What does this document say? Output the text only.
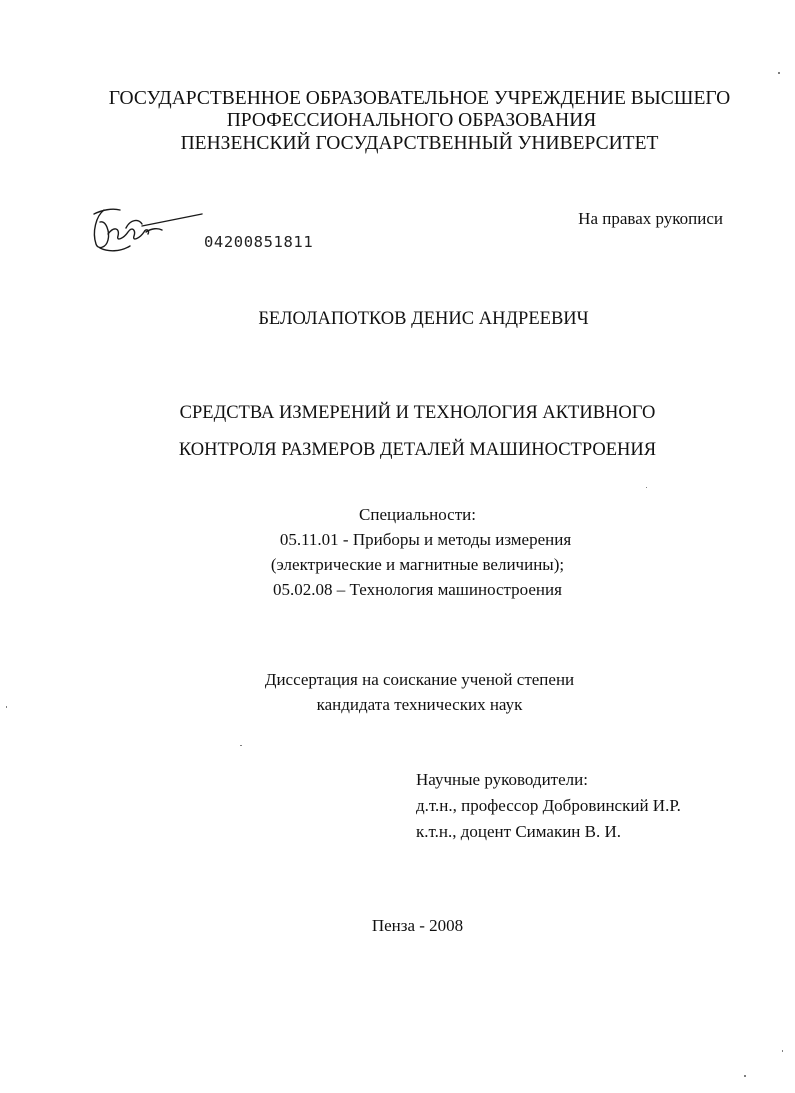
ГОСУДАРСТВЕННОЕ ОБРАЗОВАТЕЛЬНОЕ УЧРЕЖДЕНИЕ ВЫСШЕГО
ПРОФЕССИОНАЛЬНОГО ОБРАЗОВАНИЯ
ПЕНЗЕНСКИЙ ГОСУДАРСТВЕННЫЙ УНИВЕРСИТЕТ
04200851811
На правах рукописи
БЕЛОЛАПОТКОВ ДЕНИС АНДРЕЕВИЧ
СРЕДСТВА ИЗМЕРЕНИЙ И ТЕХНОЛОГИЯ АКТИВНОГО
КОНТРОЛЯ РАЗМЕРОВ ДЕТАЛЕЙ МАШИНОСТРОЕНИЯ
Специальности:
05.11.01 - Приборы и методы измерения
(электрические и магнитные величины);
05.02.08 – Технология машиностроения
Диссертация на соискание ученой степени
кандидата технических наук
Научные руководители:
д.т.н., профессор Добровинский И.Р.
к.т.н., доцент Симакин В. И.
Пенза - 2008
